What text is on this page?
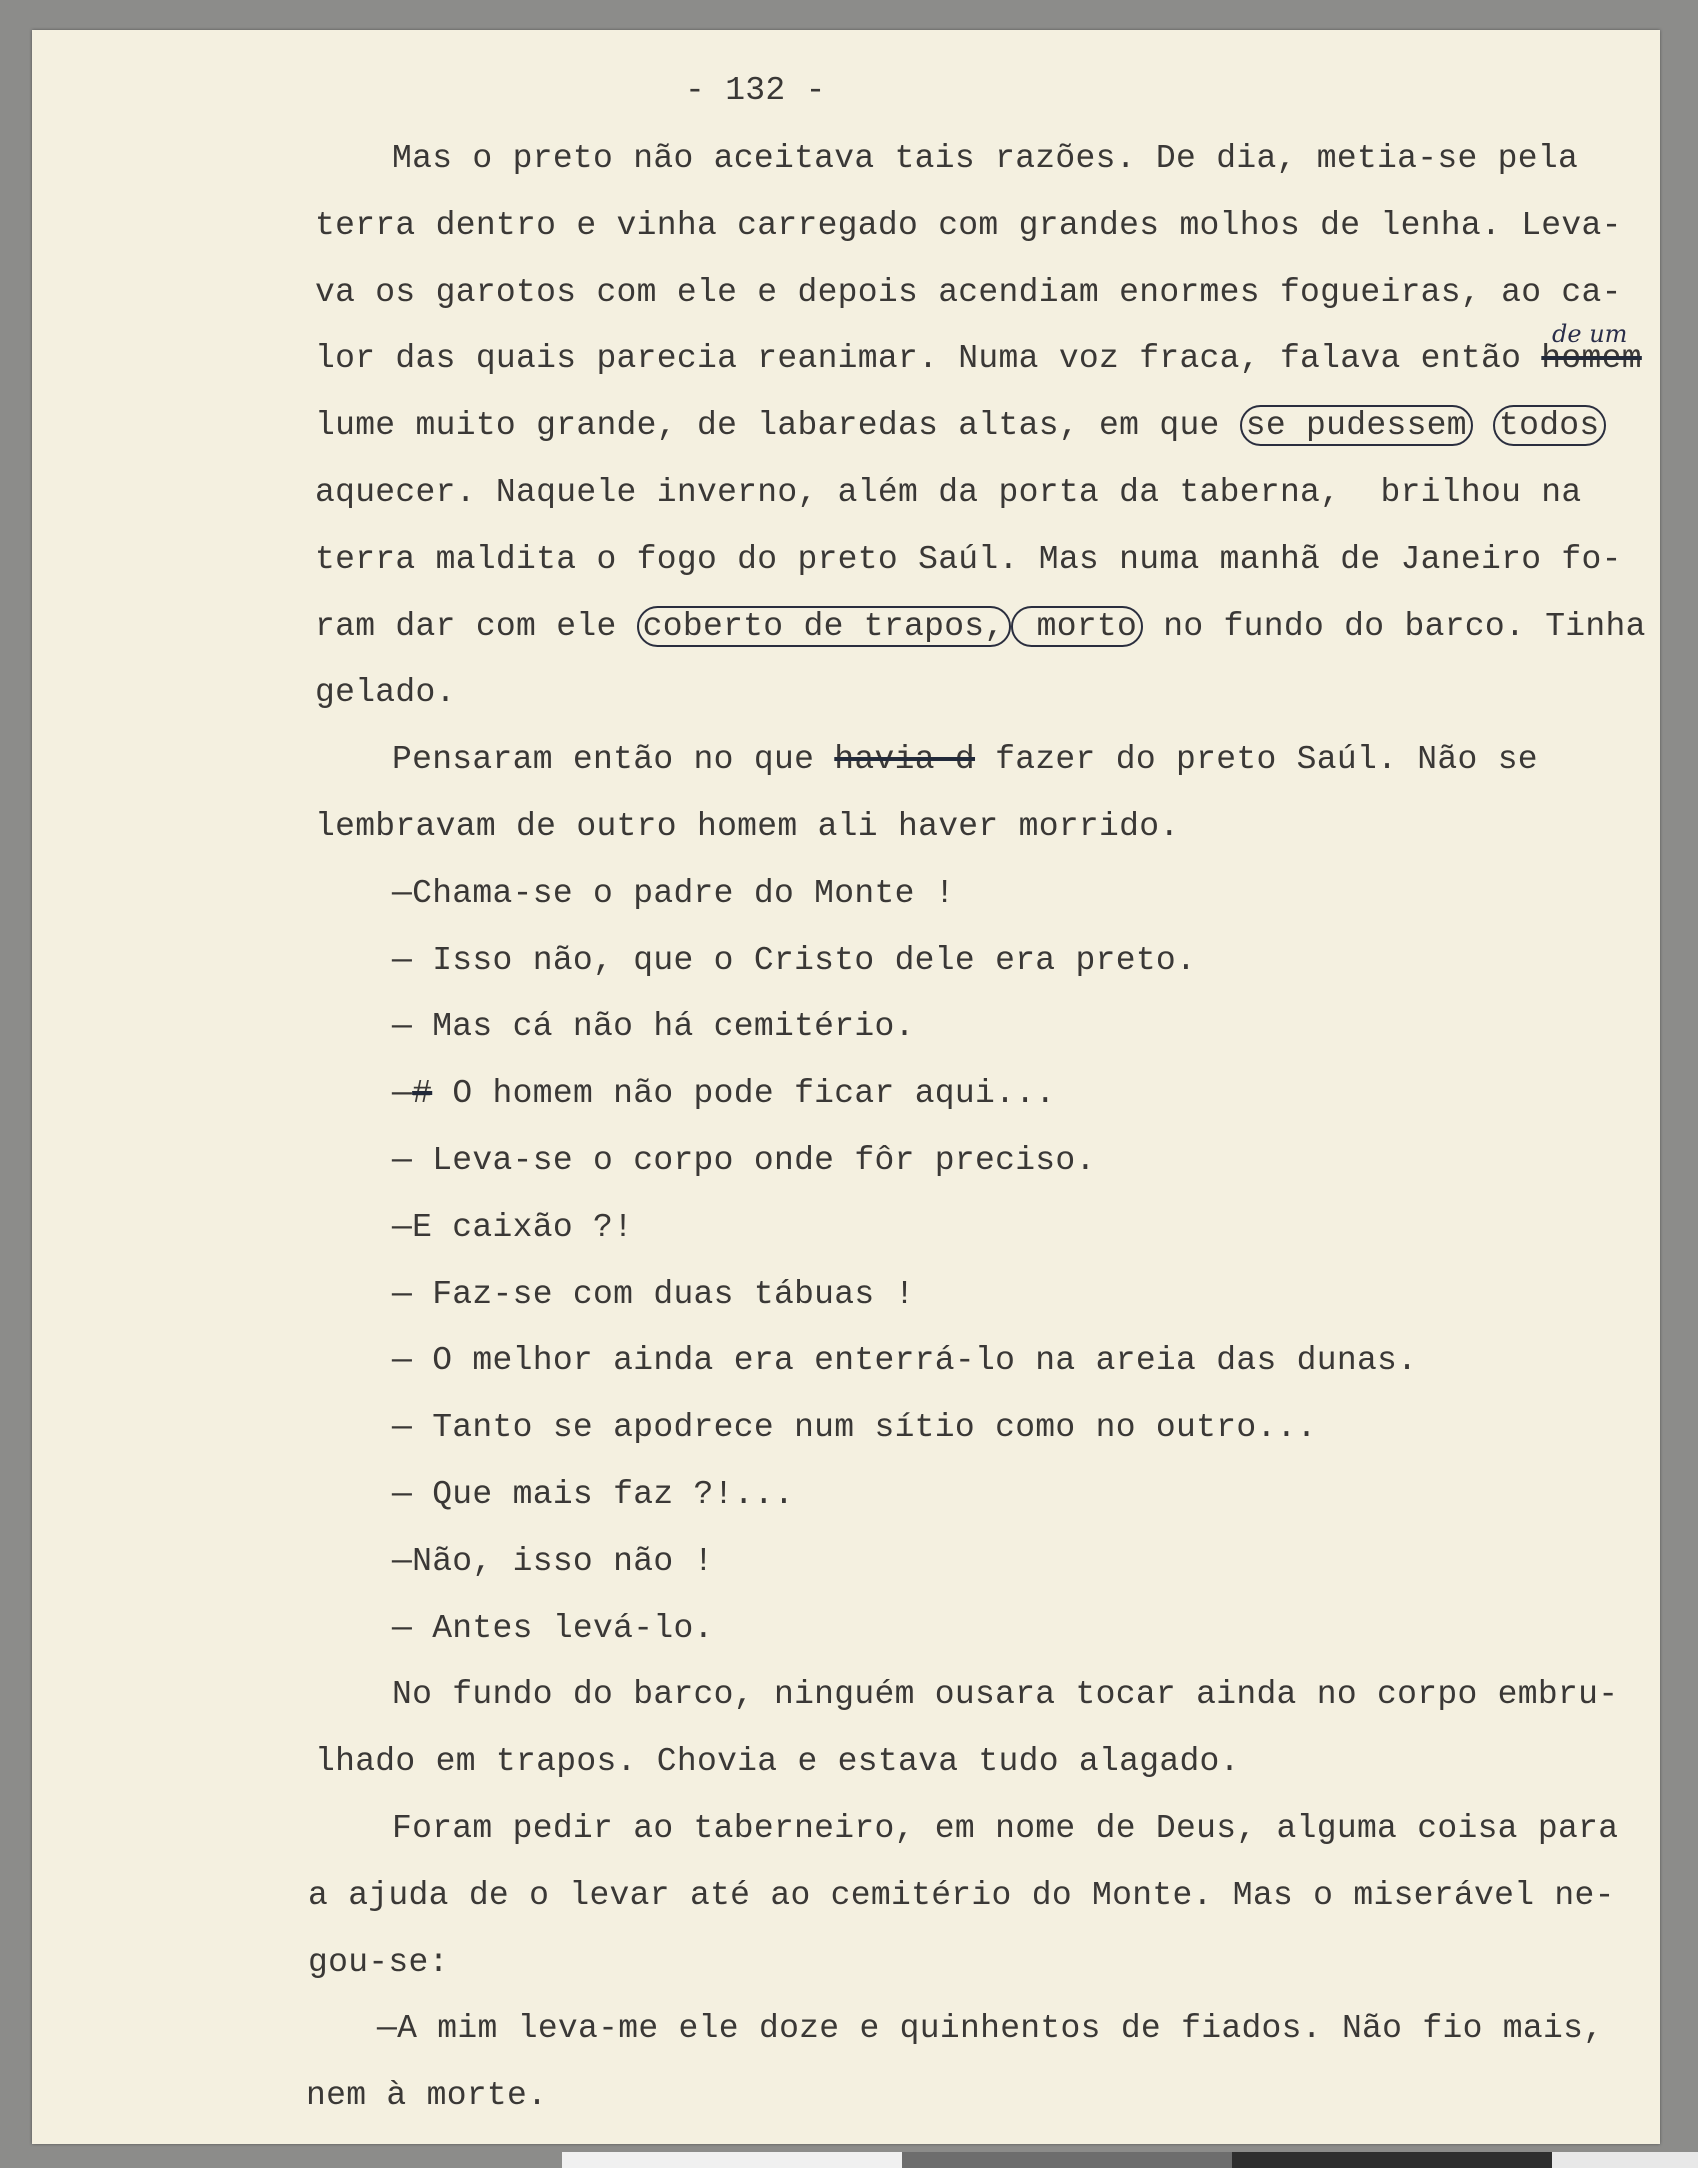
- 132 -
Mas o preto não aceitava tais razões. De dia, metia-se pela
terra dentro e vinha carregado com grandes molhos de lenha. Leva-
va os garotos com ele e depois acendiam enormes fogueiras, ao ca-
lor das quais parecia reanimar. Numa voz fraca, falava então homem
lume muito grande, de labaredas altas, em que se pudessem todos
aquecer. Naquele inverno, além da porta da taberna,  brilhou na
terra maldita o fogo do preto Saúl. Mas numa manhã de Janeiro fo-
ram dar com ele coberto de trapos, morto no fundo do barco. Tinha
gelado.
Pensaram então no que havia-d fazer do preto Saúl. Não se
lembravam de outro homem ali haver morrido.
—Chama-se o padre do Monte !
— Isso não, que o Cristo dele era preto.
— Mas cá não há cemitério.
—# O homem não pode ficar aqui...
— Leva-se o corpo onde fôr preciso.
—E caixão ?!
— Faz-se com duas tábuas !
— O melhor ainda era enterrá-lo na areia das dunas.
— Tanto se apodrece num sítio como no outro...
— Que mais faz ?!...
—Não, isso não !
— Antes levá-lo.
No fundo do barco, ninguém ousara tocar ainda no corpo embru-
lhado em trapos. Chovia e estava tudo alagado.
Foram pedir ao taberneiro, em nome de Deus, alguma coisa para
a ajuda de o levar até ao cemitério do Monte. Mas o miserável ne-
gou-se:
—A mim leva-me ele doze e quinhentos de fiados. Não fio mais,
nem à morte.
de um
